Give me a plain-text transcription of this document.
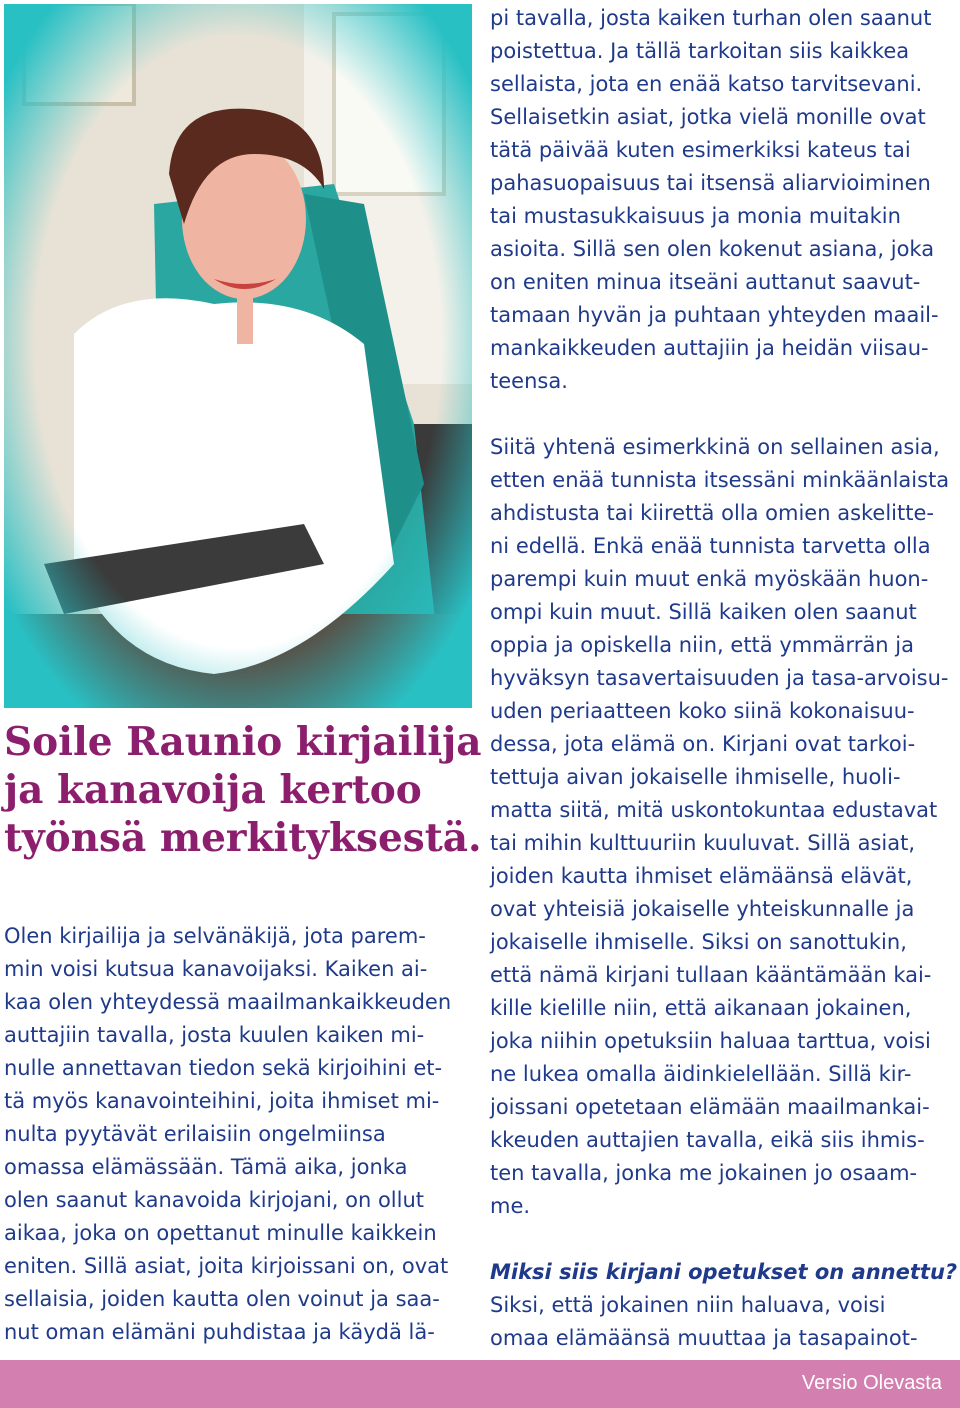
Soile Raunio kirjailija
ja kanavoija kertoo
työnsä merkityksestä.
Olen kirjailija ja selvänäkijä, jota parem-
min voisi kutsua kanavoijaksi. Kaiken ai-
kaa olen yhteydessä maailmankaikkeuden
auttajiin tavalla, josta kuulen kaiken mi-
nulle annettavan tiedon sekä kirjoihini et-
tä myös kanavointeihini, joita ihmiset mi-
nulta pyytävät erilaisiin ongelmiinsa
omassa elämässään. Tämä aika, jonka
olen saanut kanavoida kirjojani, on ollut
aikaa, joka on opettanut minulle kaikkein
eniten. Sillä asiat, joita kirjoissani on, ovat
sellaisia, joiden kautta olen voinut ja saa-
nut oman elämäni puhdistaa ja käydä lä-
pi tavalla, josta kaiken turhan olen saanut
poistettua. Ja tällä tarkoitan siis kaikkea
sellaista, jota en enää katso tarvitsevani.
Sellaisetkin asiat, jotka vielä monille ovat
tätä päivää kuten esimerkiksi kateus tai
pahasuopaisuus tai itsensä aliarvioiminen
tai mustasukkaisuus ja monia muitakin
asioita. Sillä sen olen kokenut asiana, joka
on eniten minua itseäni auttanut saavut-
tamaan hyvän ja puhtaan yhteyden maail-
mankaikkeuden auttajiin ja heidän viisau-
teensa.
Siitä yhtenä esimerkkinä on sellainen asia,
etten enää tunnista itsessäni minkäänlaista
ahdistusta tai kiirettä olla omien askelitte-
ni edellä. Enkä enää tunnista tarvetta olla
parempi kuin muut enkä myöskään huon-
ompi kuin muut. Sillä kaiken olen saanut
oppia ja opiskella niin, että ymmärrän ja
hyväksyn tasavertaisuuden ja tasa-arvoisu-
uden periaatteen koko siinä kokonaisuu-
dessa, jota elämä on. Kirjani ovat tarkoi-
tettuja aivan jokaiselle ihmiselle, huoli-
matta siitä, mitä uskontokuntaa edustavat
tai mihin kulttuuriin kuuluvat. Sillä asiat,
joiden kautta ihmiset elämäänsä elävät,
ovat yhteisiä jokaiselle yhteiskunnalle ja
jokaiselle ihmiselle. Siksi on sanottukin,
että nämä kirjani tullaan kääntämään kai-
kille kielille niin, että aikanaan jokainen,
joka niihin opetuksiin haluaa tarttua, voisi
ne lukea omalla äidinkielellään. Sillä kir-
joissani opetetaan elämään maailmankai-
kkeuden auttajien tavalla, eikä siis ihmis-
ten tavalla, jonka me jokainen jo osaam-
me.
Miksi siis kirjani opetukset on annettu?
Siksi, että jokainen niin haluava, voisi
omaa elämäänsä muuttaa ja tasapainot-
Versio Olevasta
